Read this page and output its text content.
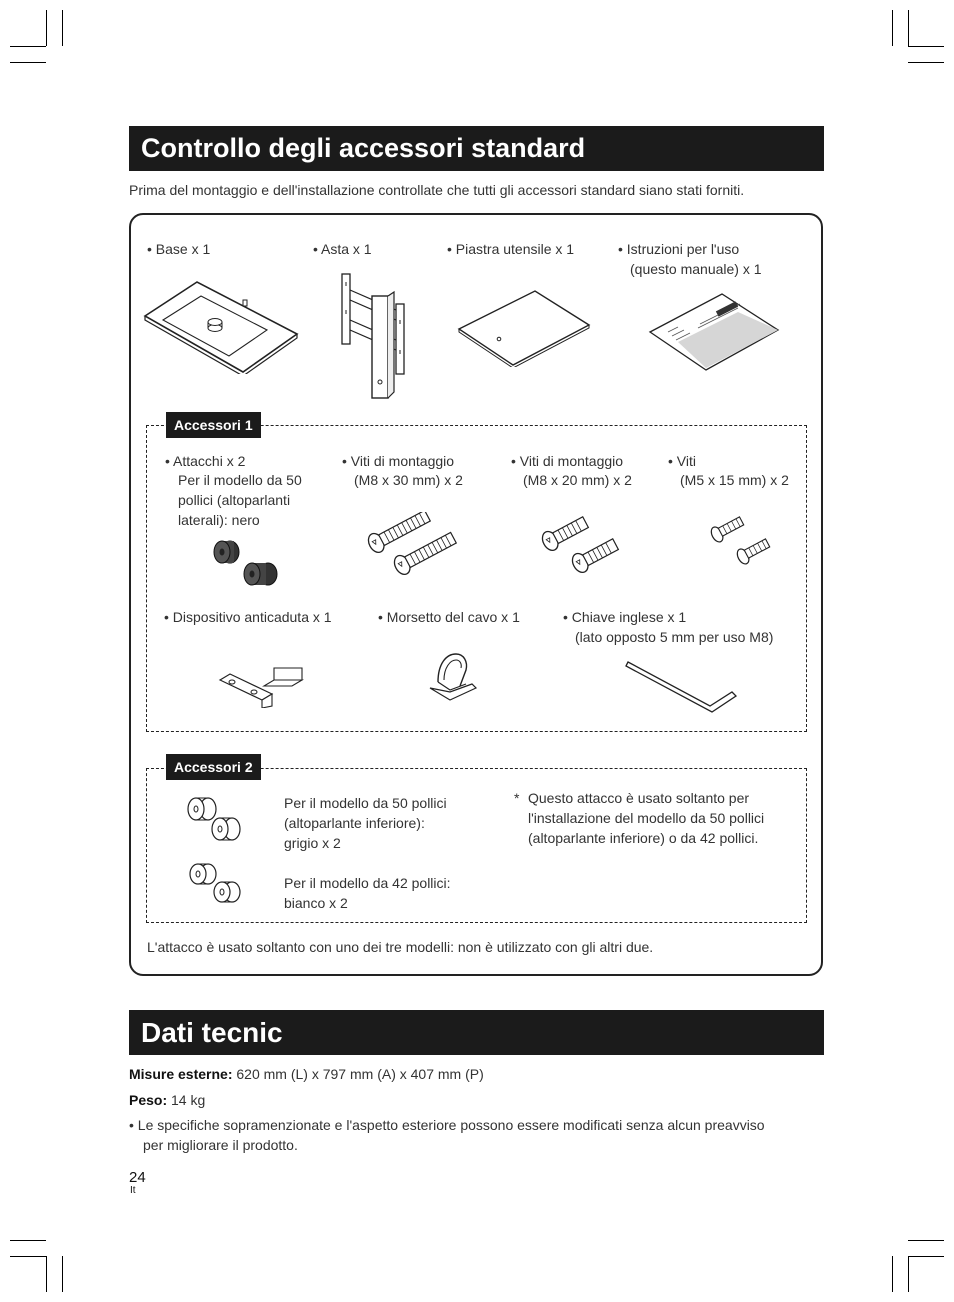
Controllo degli accessori standard
Prima del montaggio e dell'installazione controllate che tutti gli accessori standard siano stati forniti.
• Base x 1	• Asta x 1	• Piastra utensile x 1	• Istruzioni per l'uso
(questo manuale) x 1
Accessori 1
• Attacchi x 2
Per il modello da 50
pollici (altoparlanti
laterali): nero
• Viti di montaggio
(M8 x 30 mm) x 2
• Viti di montaggio
(M8 x 20 mm) x 2
• Viti
(M5 x 15 mm) x 2
• Dispositivo anticaduta x 1	• Morsetto del cavo x 1	• Chiave inglese x 1
(lato opposto 5 mm per uso M8)
Accessori 2
Per il modello da 50 pollici
(altoparlante inferiore):
grigio x 2
Per il modello da 42 pollici:
bianco x 2
* Questo attacco è usato soltanto per
l'installazione del modello da 50 pollici
(altoparlante inferiore) o da 42 pollici.
L'attacco è usato soltanto con uno dei tre modelli: non è utilizzato con gli altri due.
Dati tecnic
Misure esterne: 620 mm (L) x 797 mm (A) x 407 mm (P)
Peso: 14 kg
• Le specifiche sopramenzionate e l'aspetto esteriore possono essere modificati senza alcun preavviso
per migliorare il prodotto.
24
It
